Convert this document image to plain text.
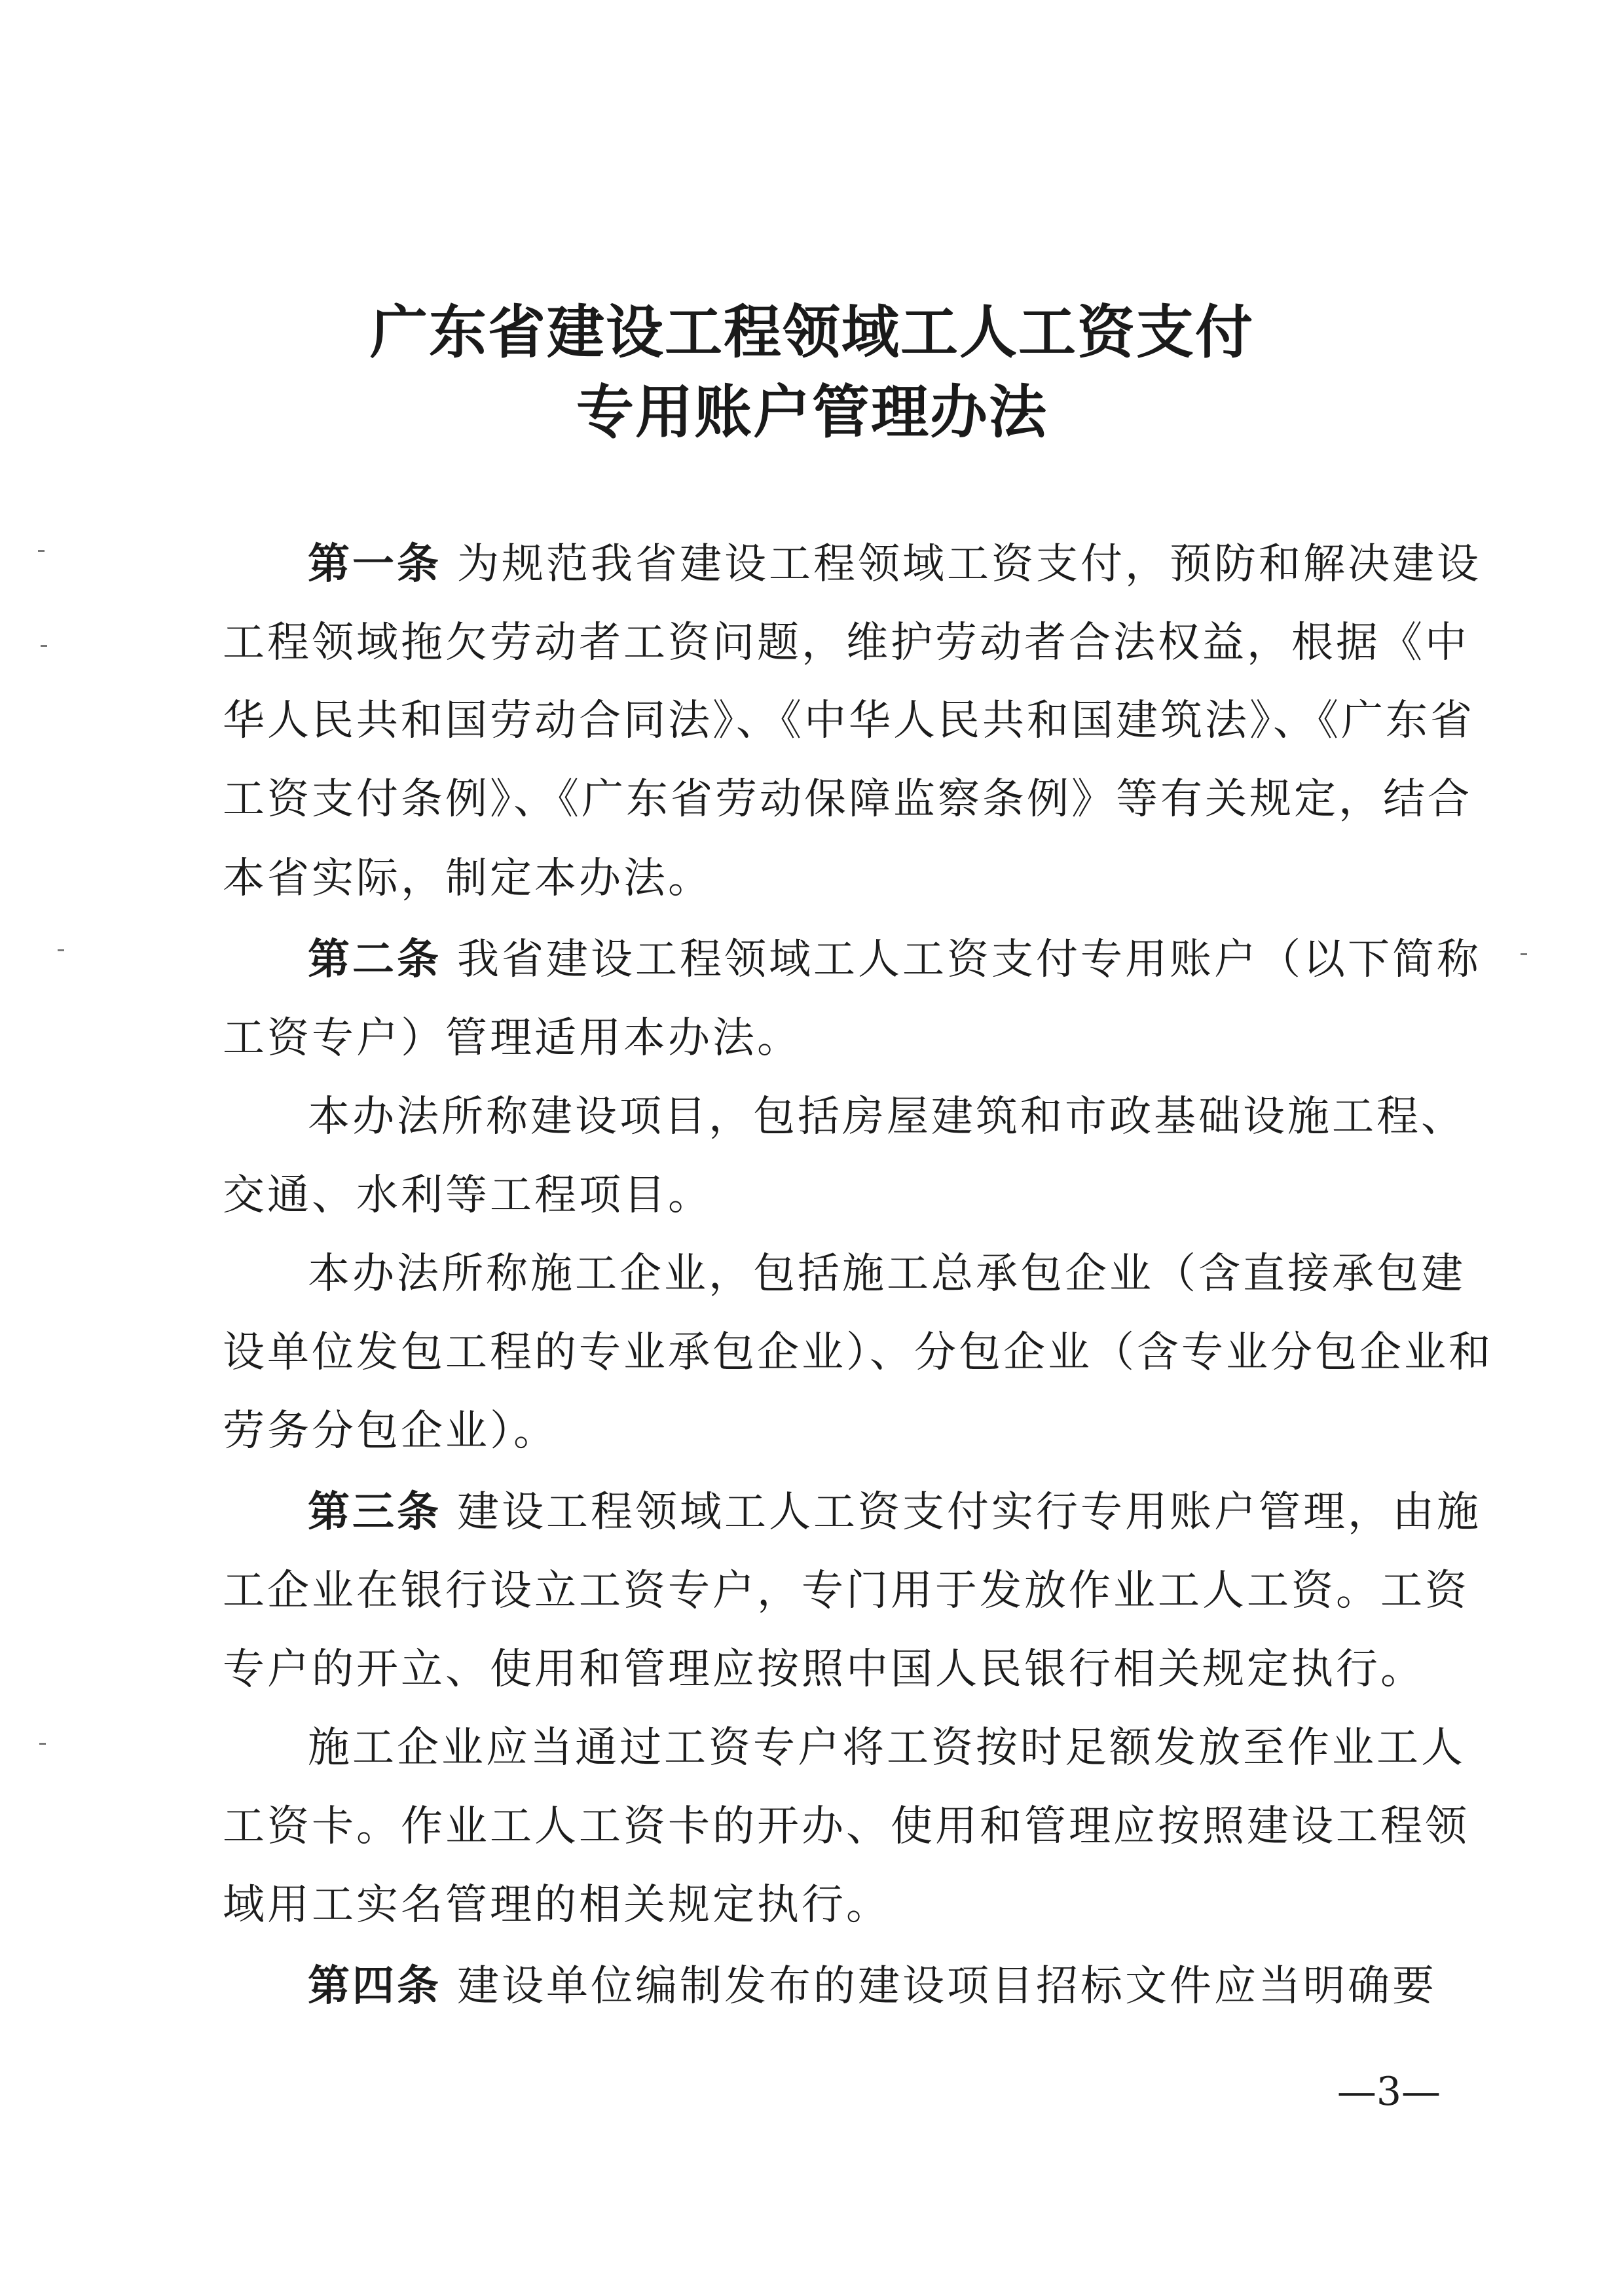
广东省建设工程领域工人工资支付
专用账户管理办法
第一条 为规范我省建设工程领域工资支付，预防和解决建设
工程领域拖欠劳动者工资问题，维护劳动者合法权益，根据《中
华人民共和国劳动合同法》、《中华人民共和国建筑法》、《广东省
工资支付条例》、《广东省劳动保障监察条例》等有关规定，结合
本省实际，制定本办法。
第二条 我省建设工程领域工人工资支付专用账户（以下简称
工资专户）管理适用本办法。
本办法所称建设项目，包括房屋建筑和市政基础设施工程、
交通、水利等工程项目。
本办法所称施工企业，包括施工总承包企业（含直接承包建
设单位发包工程的专业承包企业）、分包企业（含专业分包企业和
劳务分包企业）。
第三条 建设工程领域工人工资支付实行专用账户管理，由施
工企业在银行设立工资专户，专门用于发放作业工人工资。工资
专户的开立、使用和管理应按照中国人民银行相关规定执行。
施工企业应当通过工资专户将工资按时足额发放至作业工人
工资卡。作业工人工资卡的开办、使用和管理应按照建设工程领
域用工实名管理的相关规定执行。
第四条 建设单位编制发布的建设项目招标文件应当明确要
—3—
